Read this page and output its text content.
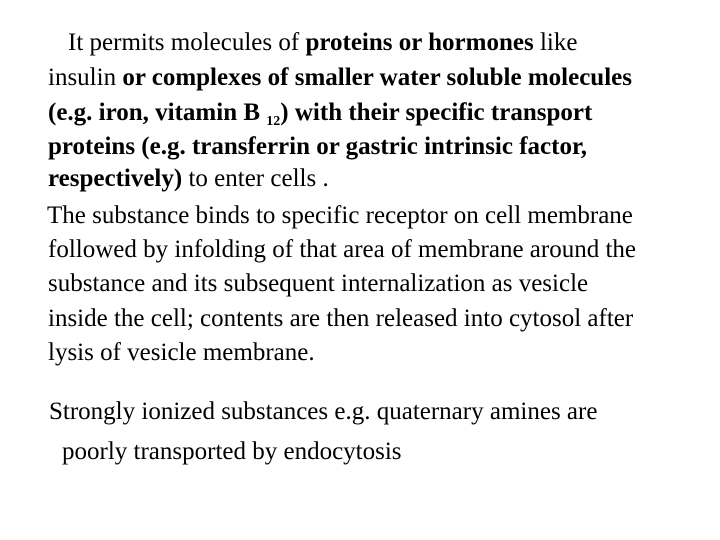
It permits molecules of proteins or hormones like
insulin or complexes of smaller water soluble molecules
(e.g. iron, vitamin B $_{12}$) with their specific transport
proteins (e.g. transferrin or gastric intrinsic factor,
respectively) to enter cells .
The substance binds to specific receptor on cell membrane
followed by infolding of that area of membrane around the
substance and its subsequent internalization as vesicle
inside the cell; contents are then released into cytosol after
lysis of vesicle membrane.
Strongly ionized substances e.g. quaternary amines are
poorly transported by endocytosis
